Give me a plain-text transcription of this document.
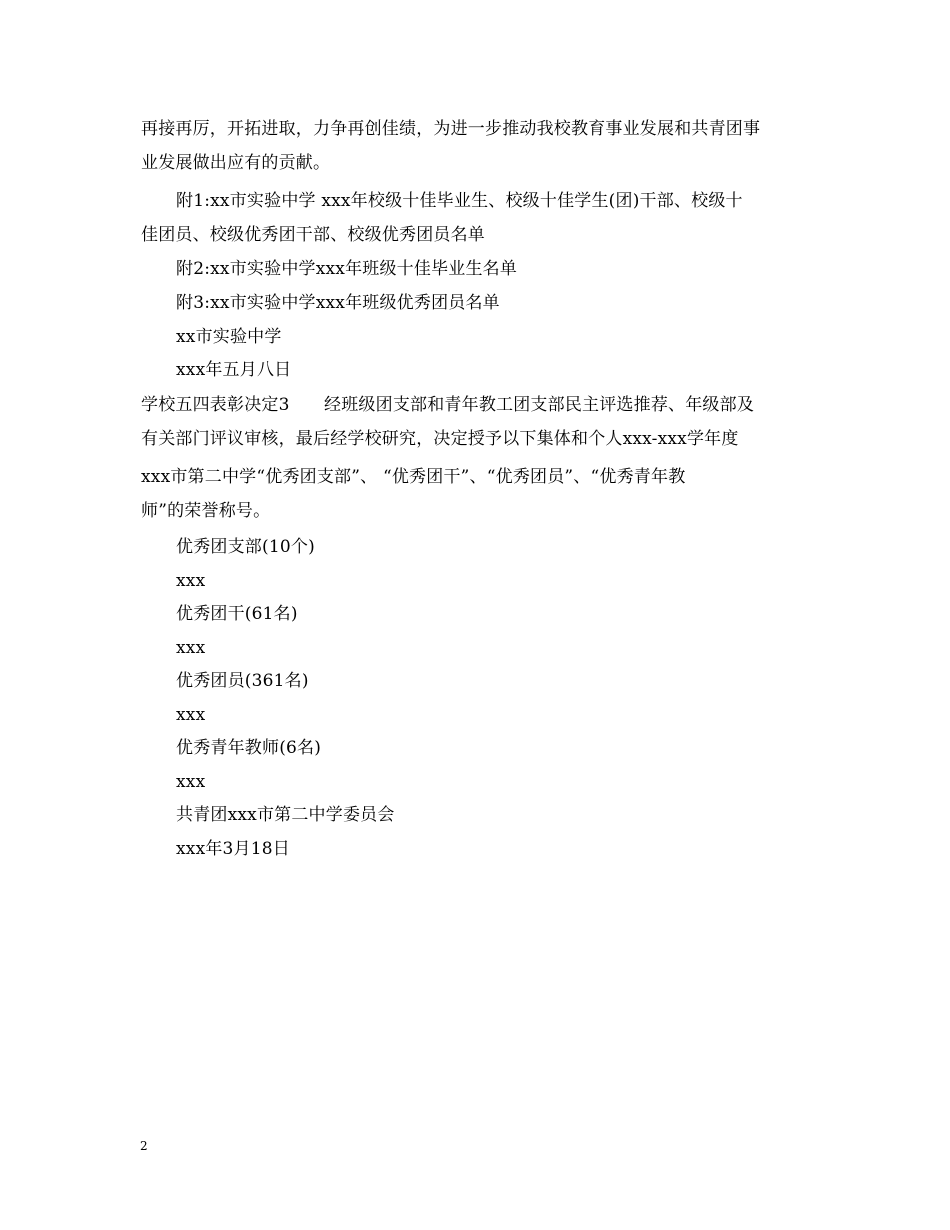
再接再厉，开拓进取，力争再创佳绩，为进一步推动我校教育事业发展和共青团事
业发展做出应有的贡献。
附1:xx市实验中学 xxx年校级十佳毕业生、校级十佳学生(团)干部、校级十
佳团员、校级优秀团干部、校级优秀团员名单
附2:xx市实验中学xxx年班级十佳毕业生名单
附3:xx市实验中学xxx年班级优秀团员名单
xx市实验中学
xxx年五月八日
学校五四表彰决定3　　经班级团支部和青年教工团支部民主评选推荐、年级部及
有关部门评议审核，最后经学校研究，决定授予以下集体和个人xxx-xxx学年度
xxx市第二中学“优秀团支部”、 “优秀团干”、“优秀团员”、“优秀青年教
师”的荣誉称号。
优秀团支部(10个)
xxx
优秀团干(61名)
xxx
优秀团员(361名)
xxx
优秀青年教师(6名)
xxx
共青团xxx市第二中学委员会
xxx年3月18日
2
